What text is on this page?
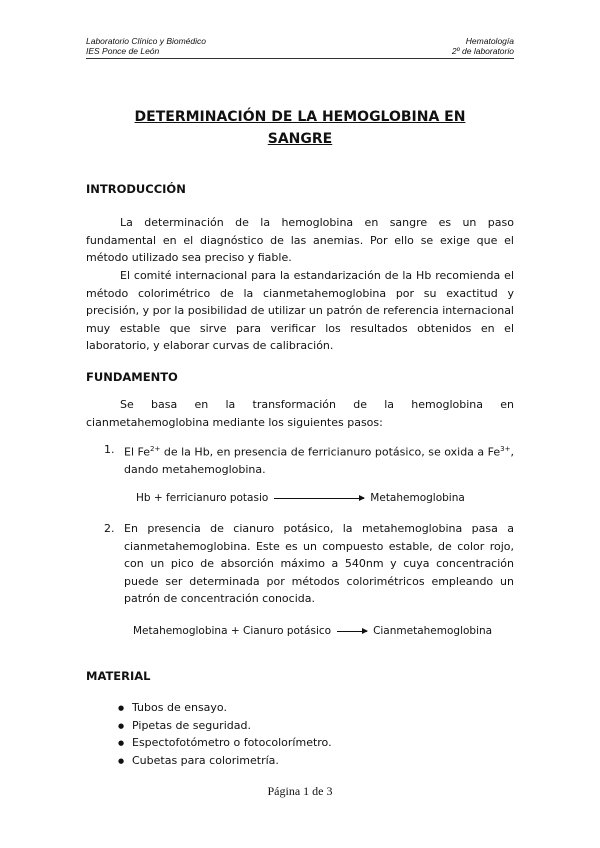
Laboratorio Clínico y Biomédico
IES Ponce de León
Hematología
2º de laboratorio
DETERMINACIÓN DE LA HEMOGLOBINA EN
SANGRE
INTRODUCCIÓN
La determinación de la hemoglobina en sangre es un paso fundamental en el diagnóstico de las anemias. Por ello se exige que el método utilizado sea preciso y fiable.
El comité internacional para la estandarización de la Hb recomienda el método colorimétrico de la cianmetahemoglobina por su exactitud y precisión, y por la posibilidad de utilizar un patrón de referencia internacional muy estable que sirve para verificar los resultados obtenidos en el laboratorio, y elaborar curvas de calibración.
FUNDAMENTO
Se basa en la transformación de la hemoglobina en cianmetahemoglobina mediante los siguientes pasos:
1. El $Fe^{2+}$ de la Hb, en presencia de ferricianuro potásico, se oxida a $Fe^{3+}$, dando metahemoglobina.
Hb + ferricianuro potasio	Metahemoglobina
2. En presencia de cianuro potásico, la metahemoglobina pasa a cianmetahemoglobina. Este es un compuesto estable, de color rojo, con un pico de absorción máximo a 540nm y cuya concentración puede ser determinada por métodos colorimétricos empleando un patrón de concentración conocida.
Metahemoglobina + Cianuro potásico → Cianmetahemoglobina
MATERIAL
● Tubos de ensayo.
● Pipetas de seguridad.
● Espectofotómetro o fotocolorímetro.
● Cubetas para colorimetría.
Página 1 de 3
